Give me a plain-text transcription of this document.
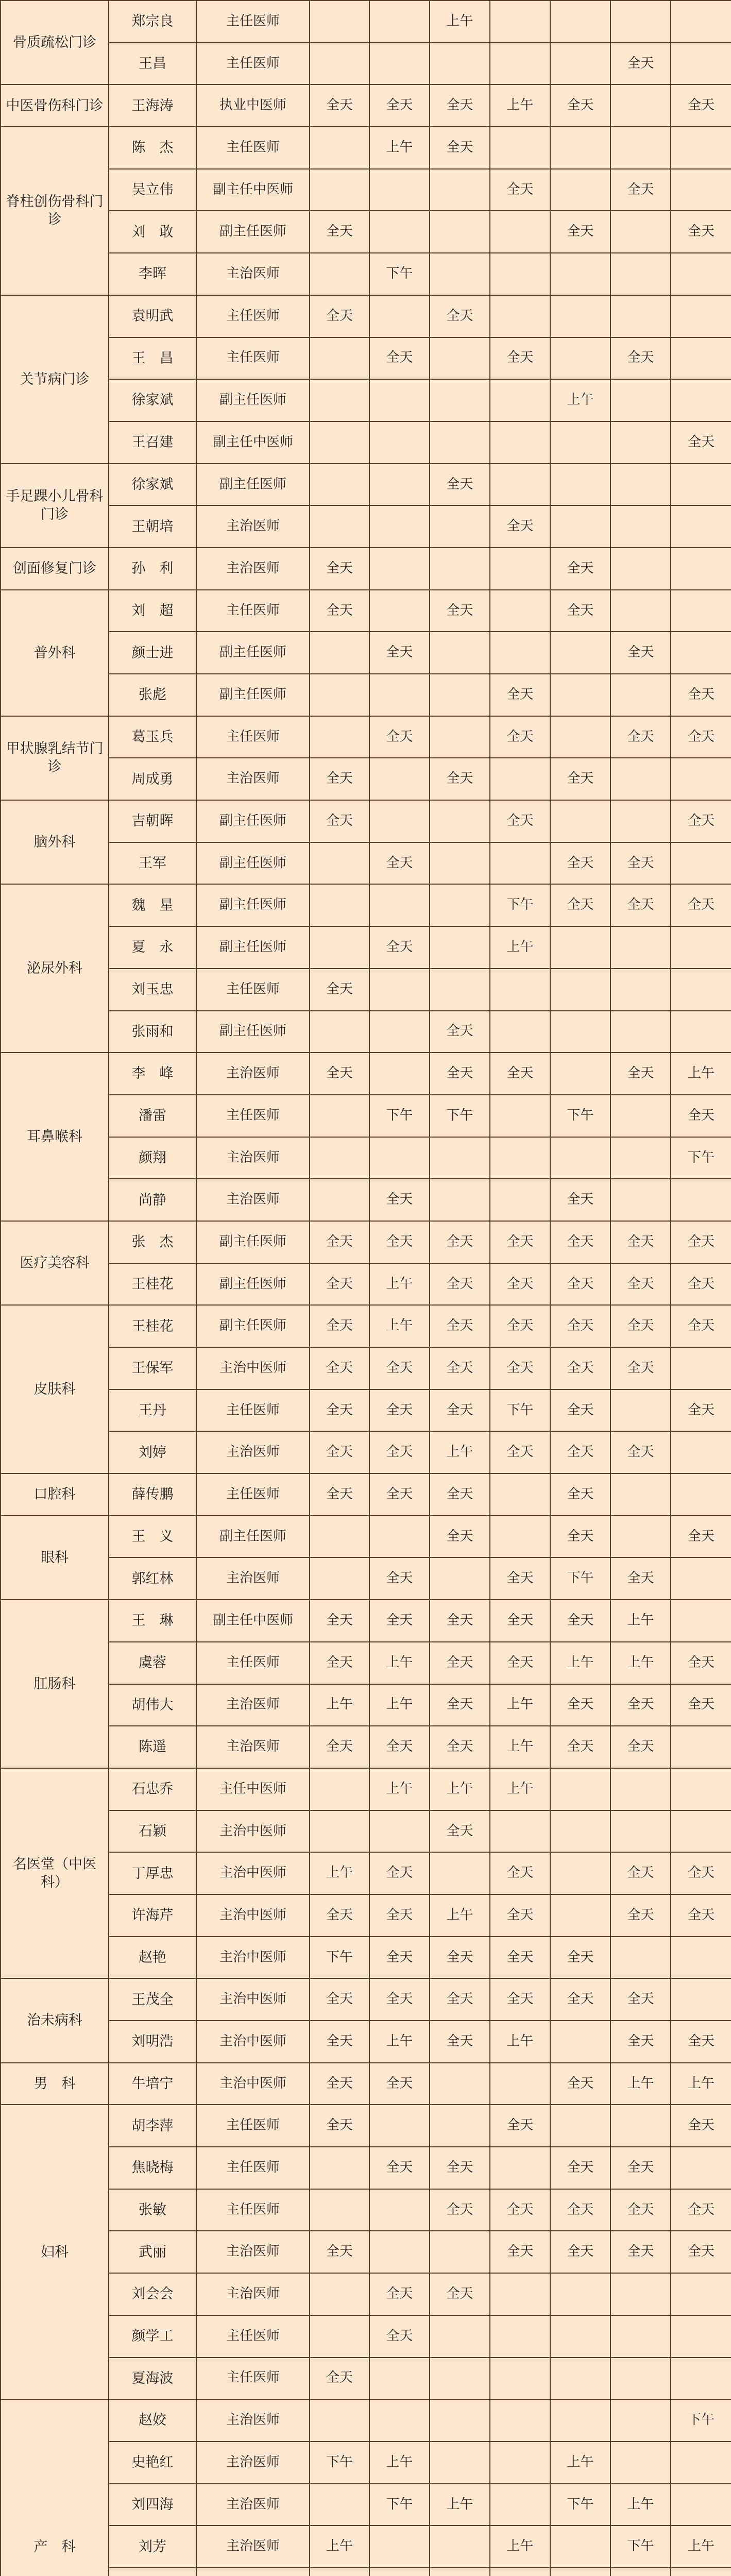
骨质疏松门诊	郑宗良	主任医师			上午				
	王昌	主任医师						全天	
中医骨伤科门诊	王海涛	执业中医师	全天	全天	全天	上午	全天		全天
脊柱创伤骨科门诊	陈　杰	主任医师		上午	全天				
	吴立伟	副主任中医师				全天		全天	
	刘　敢	副主任医师	全天				全天		全天
	李晖	主治医师		下午					
关节病门诊	袁明武	主任医师	全天		全天				
	王　昌	主任医师		全天		全天		全天	
	徐家斌	副主任医师					上午		
	王召建	副主任中医师							全天
手足踝小儿骨科门诊	徐家斌	副主任医师			全天				
	王朝培	主治医师				全天			
创面修复门诊	孙　利	主治医师	全天				全天		
普外科	刘　超	主任医师	全天		全天		全天		
	颜士进	副主任医师		全天				全天	
	张彪	副主任医师				全天			全天
甲状腺乳结节门诊	葛玉兵	主任医师		全天		全天		全天	全天
	周成勇	主治医师	全天		全天		全天		
脑外科	吉朝晖	副主任医师	全天			全天			全天
	王军	副主任医师		全天			全天	全天	
泌尿外科	魏　星	副主任医师				下午	全天	全天	全天
	夏　永	副主任医师		全天		上午			
	刘玉忠	主任医师	全天						
	张雨和	副主任医师			全天				
耳鼻喉科	李　峰	主治医师	全天		全天	全天		全天	上午
	潘雷	主任医师		下午	下午		下午		全天
	颜翔	主治医师							下午
	尚静	主治医师		全天			全天		
医疗美容科	张　杰	副主任医师	全天	全天	全天	全天	全天	全天	全天
	王桂花	副主任医师	全天	上午	全天	全天	全天	全天	全天
皮肤科	王桂花	副主任医师	全天	上午	全天	全天	全天	全天	全天
	王保军	主治中医师	全天	全天	全天	全天	全天	全天	
	王丹	主任医师	全天	全天	全天	下午	全天		全天
	刘婷	主治医师	全天	全天	上午	全天	全天	全天	
口腔科	薛传鹏	主任医师	全天	全天	全天		全天		
眼科	王　义	副主任医师			全天		全天		全天
	郭红林	主治医师		全天		全天	下午	全天	
肛肠科	王　琳	副主任中医师	全天	全天	全天	全天	全天	上午	
	虞蓉	主任医师	全天	上午	全天	全天	上午	上午	全天
	胡伟大	主治医师	上午	上午	全天	上午	全天	全天	全天
	陈遥	主治医师	全天	全天	全天	上午	全天	全天	
名医堂（中医科）	石忠乔	主任中医师		上午	上午	上午			
	石颖	主治中医师			全天				
	丁厚忠	主治中医师	上午	全天		全天		全天	全天
	许海芹	主治中医师	全天	全天	上午	全天		全天	全天
	赵艳	主治中医师	下午	全天	全天	全天	全天		
治未病科	王茂全	主治中医师	全天	全天	全天	全天	全天	全天	
	刘明浩	主治中医师	全天	上午	全天	上午		全天	全天
男　科	牛培宁	主治中医师	全天	全天			全天	上午	上午
妇科	胡李萍	主任医师	全天			全天			全天
	焦晓梅	主任医师		全天	全天		全天	全天	
	张敏	主任医师			全天	全天	全天	全天	全天
	武丽	主治医师	全天			全天	全天	全天	全天
	刘会会	主治医师		全天	全天				
	颜学工	主任医师		全天					
	夏海波	主任医师	全天						
产　科	赵姣	主治医师							下午
	史艳红	主治医师	下午	上午			上午		
	刘四海	主治医师		下午	上午		下午	上午	
	刘芳	主治医师	上午			上午		下午	上午
